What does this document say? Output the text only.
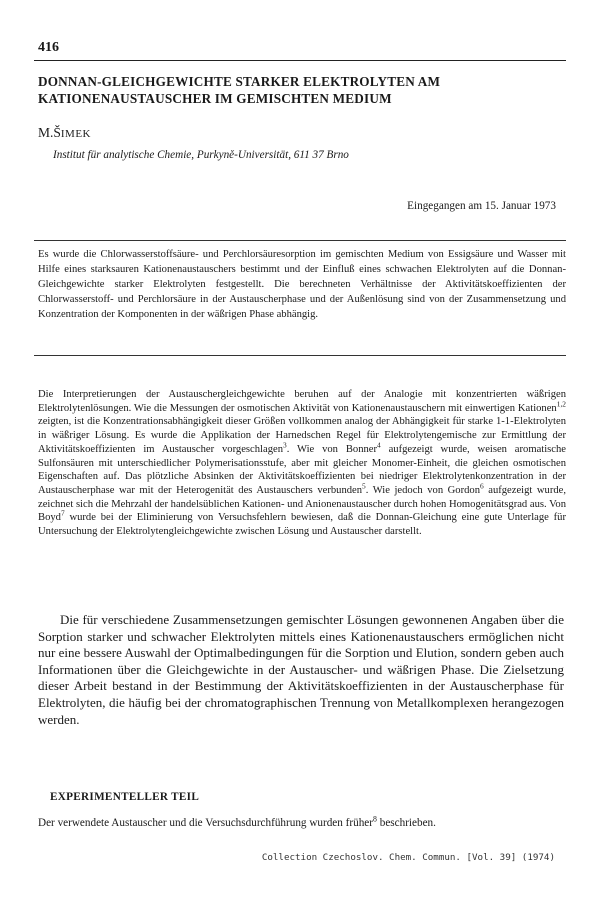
416
DONNAN-GLEICHGEWICHTE STARKER ELEKTROLYTEN AM KATIONENAUSTAUSCHER IM GEMISCHTEN MEDIUM
M.ŠIMEK
Institut für analytische Chemie, Purkyně-Universität, 611 37 Brno
Eingegangen am 15. Januar 1973
Es wurde die Chlorwasserstoffsäure- und Perchlorsäuresorption im gemischten Medium von Essigsäure und Wasser mit Hilfe eines starksauren Kationenaustauschers bestimmt und der Einfluß eines schwachen Elektrolyten auf die Donnan-Gleichgewichte starker Elektrolyten festgestellt. Die berechneten Verhältnisse der Aktivitätskoeffizienten der Chlorwasserstoff- und Perchlorsäure in der Austauscherphase und der Außenlösung sind von der Zusammensetzung und Konzentration der Komponenten in der wäßrigen Phase abhängig.
Die Interpretierungen der Austauschergleichgewichte beruhen auf der Analogie mit konzentrierten wäßrigen Elektrolytenlösungen. Wie die Messungen der osmotischen Aktivität von Kationenaustauschern mit einwertigen Kationen$^{1,2}$ zeigten, ist die Konzentrationsabhängigkeit dieser Größen vollkommen analog der Abhängigkeit für starke 1-1-Elektrolyten in wäßriger Lösung. Es wurde die Applikation der Harnedschen Regel für Elektrolytengemische zur Ermittlung der Aktivitätskoeffizienten im Austauscher vorgeschlagen$^3$. Wie von Bonner$^4$ aufgezeigt wurde, weisen aromatische Sulfonsäuren mit unterschiedlicher Polymerisationsstufe, aber mit gleicher Monomer-Einheit, die gleichen osmotischen Eigenschaften auf. Das plötzliche Absinken der Aktivitätskoeffizienten bei niedriger Elektrolytenkonzentration in der Austauscherphase war mit der Heterogenität des Austauschers verbunden$^5$. Wie jedoch von Gordon$^6$ aufgezeigt wurde, zeichnet sich die Mehrzahl der handelsüblichen Kationen- und Anionenaustauscher durch hohen Homogenitätsgrad aus. Von Boyd$^7$ wurde bei der Eliminierung von Versuchsfehlern bewiesen, daß die Donnan-Gleichung eine gute Unterlage für Untersuchung der Elektrolytengleichgewichte zwischen Lösung und Austauscher darstellt.
Die für verschiedene Zusammensetzungen gemischter Lösungen gewonnenen Angaben über die Sorption starker und schwacher Elektrolyten mittels eines Kationenaustauschers ermöglichen nicht nur eine bessere Auswahl der Optimalbedingungen für die Sorption und Elution, sondern geben auch Informationen über die Gleichgewichte in der Austauscher- und wäßrigen Phase. Die Zielsetzung dieser Arbeit bestand in der Bestimmung der Aktivitätskoeffizienten in der Austauscherphase für Elektrolyten, die häufig bei der chromatographischen Trennung von Metallkomplexen herangezogen werden.
EXPERIMENTELLER TEIL
Der verwendete Austauscher und die Versuchsdurchführung wurden früher$^8$ beschrieben.
Collection Czechoslov. Chem. Commun. [Vol. 39] (1974)
